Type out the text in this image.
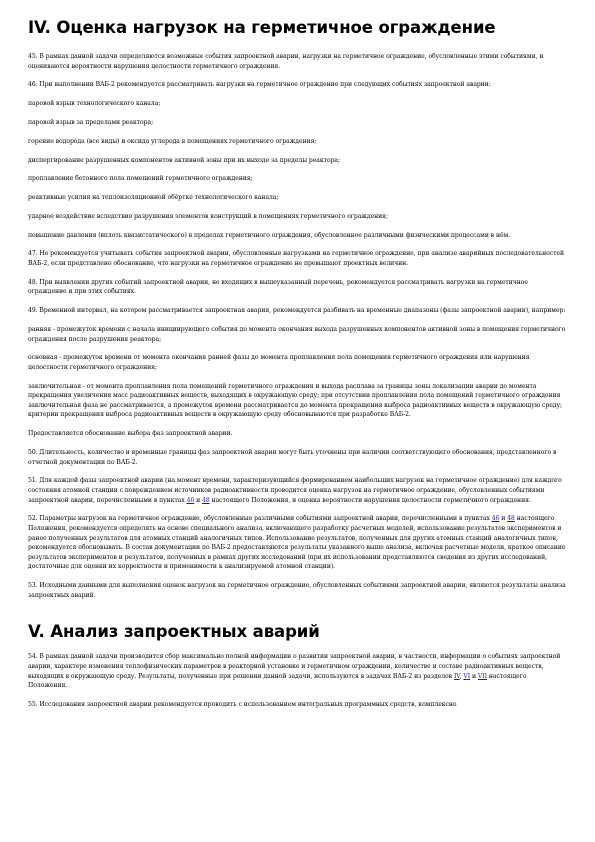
IV. Оценка нагрузок на герметичное ограждение

45. В рамках данной задачи определяются возможные события запроектной аварии, нагрузки на герметичное ограждение, обусловленные этими событиями, и оцениваются вероятности нарушения целостности герметичного ограждения.

46. При выполнении ВАБ-2 рекомендуется рассматривать нагрузки на герметичное ограждение при следующих событиях запроектной аварии:

паровой взрыв технологического канала;

паровой взрыв за пределами реактора;

горение водорода (все виды) и оксида углерода в помещениях герметичного ограждения;

диспергирование разрушенных компонентов активной зоны при их выходе за пределы реактора;

проплавление бетонного пола помещений герметичного ограждения;

реактивные усилия на теплоизоляционной обёртке технологического канала;

ударное воздействие вследствие разрушения элементов конструкций в помещениях герметичного ограждения;

повышение давления (вплоть квазистатического) в пределах герметичного ограждения, обусловленное различными физическими процессами в нём.

47. Не рекомендуется учитывать события запроектной аварии, обусловленные нагрузками на герметичное ограждение, при анализе аварийных последовательностей ВАБ-2, если представлено обоснование, что нагрузки на герметичное ограждение не превышают проектных величин.

48. При выявлении других событий запроектной аварии, не входящих в вышеуказанный перечень, рекомендуется рассматривать нагрузки на герметичное ограждение и при этих событиях.

49. Временной интервал, на котором рассматривается запроектная авария, рекомендуется разбивать на временные диапазоны (фазы запроектной аварии), например:

ранняя - промежуток времени с начала инициирующего события до момента окончания выхода разрушенных компонентов активной зоны в помещения герметичного ограждения после разрушения реактора;

основная - промежуток времени от момента окончания ранней фазы до момента проплавления пола помещения герметичного ограждения или нарушения целостности герметичного ограждения;

заключительная - от момента проплавления пола помещений герметичного ограждения и выхода расплава за границы зоны локализации аварии до момента прекращения увеличения масс радиоактивных веществ, выходящих в окружающую среду; при отсутствии проплавления пола помещений герметичного ограждения заключительная фаза не рассматривается, а промежуток времени рассматривается до момента прекращения выброса радиоактивных веществ в окружающую среду; критерии прекращения выброса радиоактивных веществ в окружающую среду обосновываются при разработке ВАБ-2.

Предоставляется обоснование выбора фаз запроектной аварии.

50. Длительность, количество и временные границы фаз запроектной аварии могут быть уточнены при наличии соответствующего обоснования, представленного в отчетной документации по ВАБ-2.

51. Для каждой фазы запроектной аварии (на момент времени, характеризующийся формированием наибольших нагрузок на герметичное ограждение) для каждого состояния атомной станции с повреждением источников радиоактивности проводится оценка нагрузок на герметичное ограждение, обусловленных событиями запроектной аварии, перечисленными в пунктах 46 и 48 настоящего Положения, и оценка вероятности нарушения целостности герметичного ограждения.

52. Параметры нагрузок на герметичное ограждение, обусловленные различными событиями запроектной аварии, перечисленными в пунктах 46 и 48 настоящего Положения, рекомендуется определять на основе специального анализа, включающего разработку расчетных моделей, использование результатов экспериментов и ранее полученных результатов для атомных станций аналогичных типов. Использование результатов, полученных для других атомных станций аналогичных типов, рекомендуется обосновывать. В состав документации по ВАБ-2 предоставляются результаты указанного выше анализа, включая расчетные модели, краткое описание результатов экспериментов и результатов, полученных в рамках других исследований (при их использовании представляются сведения из других исследований, достаточные для оценки их корректности и применимости к анализируемой атомной станции).

53. Исходными данными для выполнения оценок нагрузок на герметичное ограждение, обусловленных событиями запроектной аварии, являются результаты анализа запроектных аварий.

V. Анализ запроектных аварий

54. В рамках данной задачи производится сбор максимально полной информации о развитии запроектной аварии, в частности, информации о событиях запроектной аварии, характере изменения теплофизических параметров в реакторной установке и герметичном ограждении, количестве и составе радиоактивных веществ, выходящих в окружающую среду. Результаты, полученные при решении данной задачи, используются в задачах ВАБ-2 из разделов IV, VI и VII настоящего Положения.

55. Исследования запроектной аварии рекомендуется проводить с использованием интегральных программных средств, комплексно
